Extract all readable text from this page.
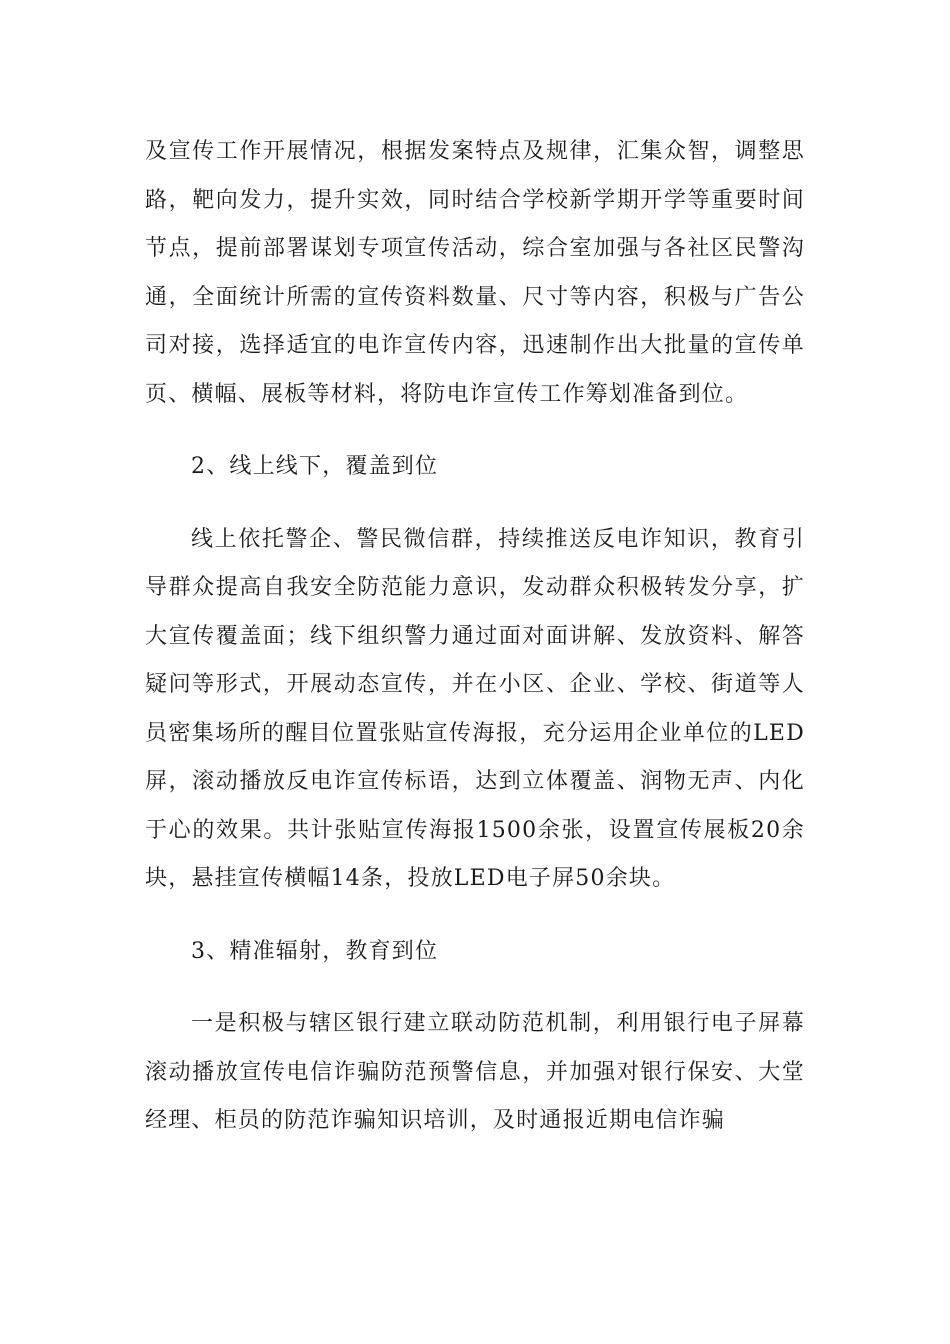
及宣传工作开展情况，根据发案特点及规律，汇集众智，调整思路，靶向发力，提升实效，同时结合学校新学期开学等重要时间节点，提前部署谋划专项宣传活动，综合室加强与各社区民警沟通，全面统计所需的宣传资料数量、尺寸等内容，积极与广告公司对接，选择适宜的电诈宣传内容，迅速制作出大批量的宣传单页、横幅、展板等材料，将防电诈宣传工作筹划准备到位。

2、线上线下，覆盖到位

线上依托警企、警民微信群，持续推送反电诈知识，教育引导群众提高自我安全防范能力意识，发动群众积极转发分享，扩大宣传覆盖面；线下组织警力通过面对面讲解、发放资料、解答疑问等形式，开展动态宣传，并在小区、企业、学校、街道等人员密集场所的醒目位置张贴宣传海报，充分运用企业单位的LED屏，滚动播放反电诈宣传标语，达到立体覆盖、润物无声、内化于心的效果。共计张贴宣传海报1500余张，设置宣传展板20余块，悬挂宣传横幅14条，投放LED电子屏50余块。

3、精准辐射，教育到位

一是积极与辖区银行建立联动防范机制，利用银行电子屏幕滚动播放宣传电信诈骗防范预警信息，并加强对银行保安、大堂经理、柜员的防范诈骗知识培训，及时通报近期电信诈骗
